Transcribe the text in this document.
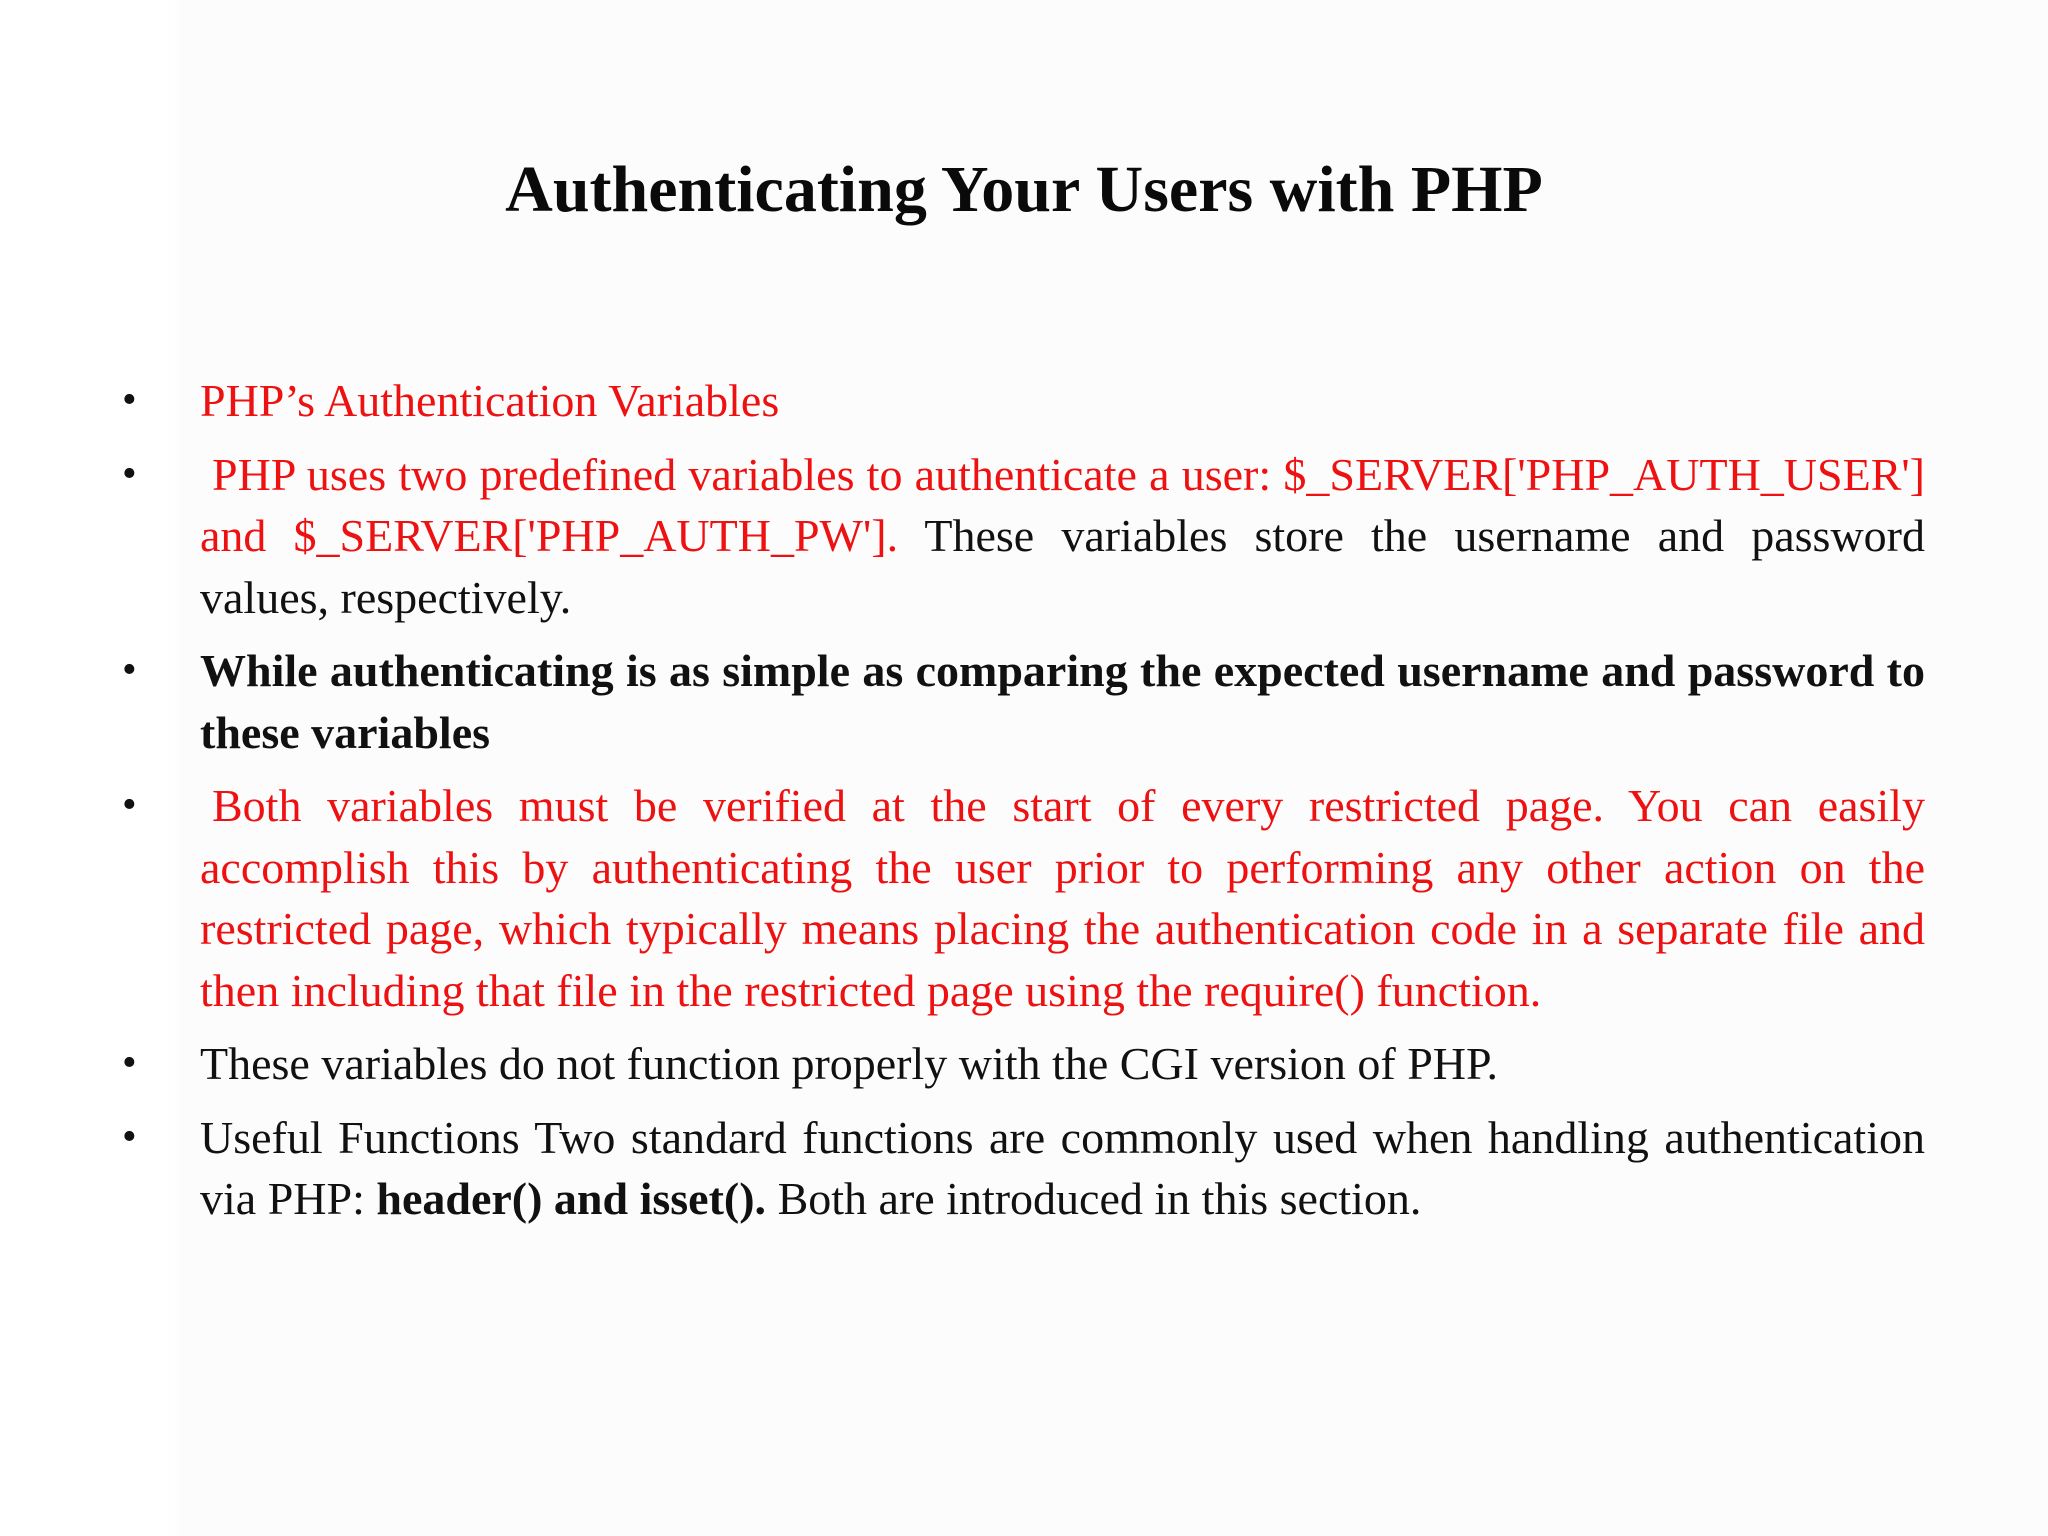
Authenticating Your Users with PHP
• PHP’s Authentication Variables
• PHP uses two predefined variables to authenticate a user: $_SERVER['PHP_AUTH_USER'] and $_SERVER['PHP_AUTH_PW']. These variables store the username and password values, respectively.
• While authenticating is as simple as comparing the expected username and password to these variables
• Both variables must be verified at the start of every restricted page. You can easily accomplish this by authenticating the user prior to performing any other action on the restricted page, which typically means placing the authentication code in a separate file and then including that file in the restricted page using the require() function.
• These variables do not function properly with the CGI version of PHP.
• Useful Functions Two standard functions are commonly used when handling authentication via PHP: header() and isset(). Both are introduced in this section.
